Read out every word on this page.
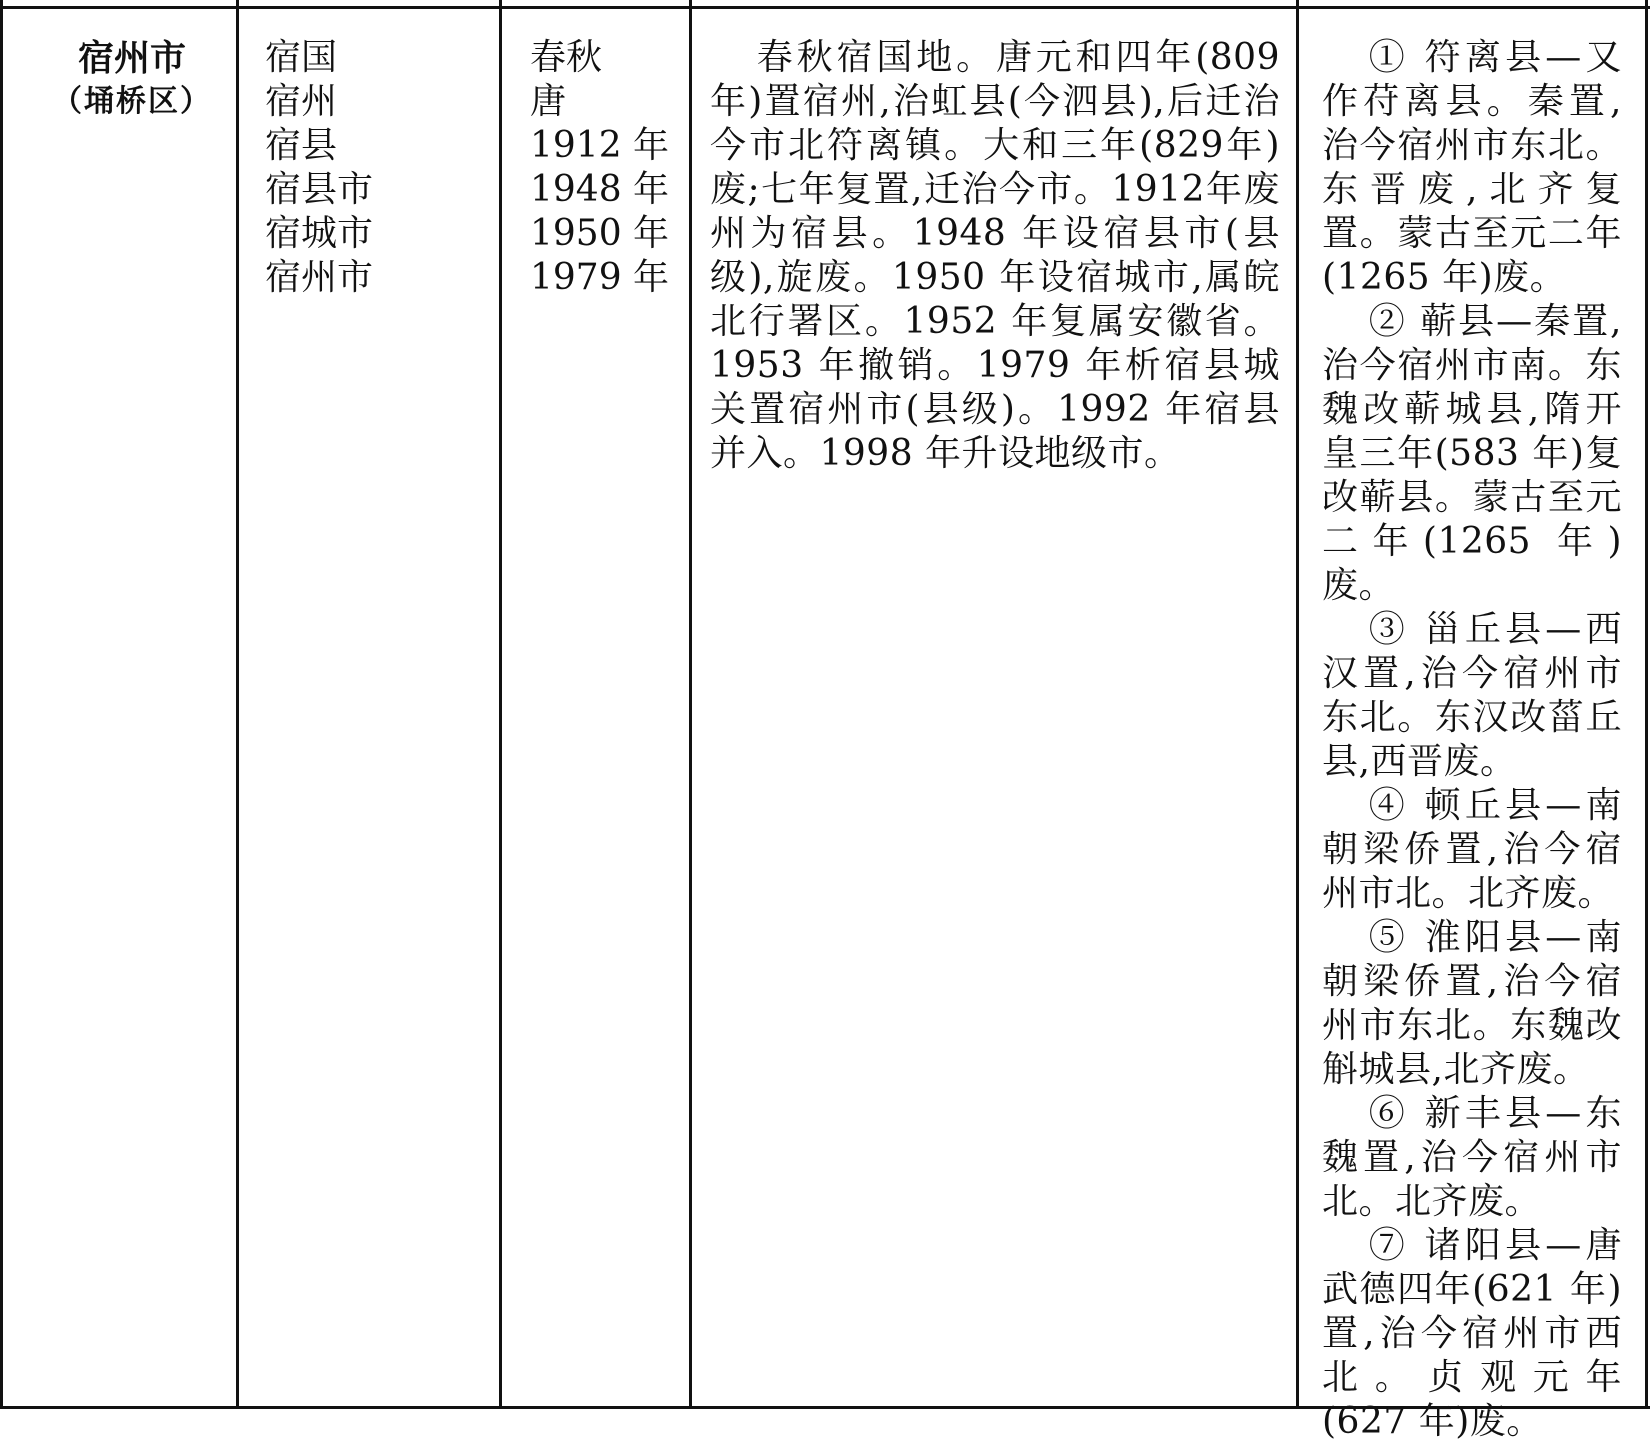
宿州市
（埇桥区）
宿国
宿州
宿县
宿县市
宿城市
宿州市
春秋
唐
1912 年
1948 年
1950 年
1979 年
春秋宿国地。唐元和四年(809年)置宿州,治虹县(今泗县),后迁治今市北符离镇。大和三年(829年)废;七年复置,迁治今市。1912年废州为宿县。1948 年设宿县市(县级),旋废。1950 年设宿城市,属皖北行署区。1952 年复属安徽省。1953 年撤销。1979 年析宿县城关置宿州市(县级)。1992 年宿县并入。1998 年升设地级市。
① 符离县—又作苻离县。秦置,治今宿州市东北。东晋废,北齐复置。蒙古至元二年(1265 年)废。
② 蕲县—秦置,治今宿州市南。东魏改蕲城县,隋开皇三年(583 年)复改蕲县。蒙古至元二年(1265 年)废。
③ 甾丘县—西汉置,治今宿州市东北。东汉改菑丘县,西晋废。
④ 顿丘县—南朝梁侨置,治今宿州市北。北齐废。
⑤ 淮阳县—南朝梁侨置,治今宿州市东北。东魏改斛城县,北齐废。
⑥ 新丰县—东魏置,治今宿州市北。北齐废。
⑦ 诸阳县—唐武德四年(621 年)置,治今宿州市西北。贞观元年(627 年)废。
